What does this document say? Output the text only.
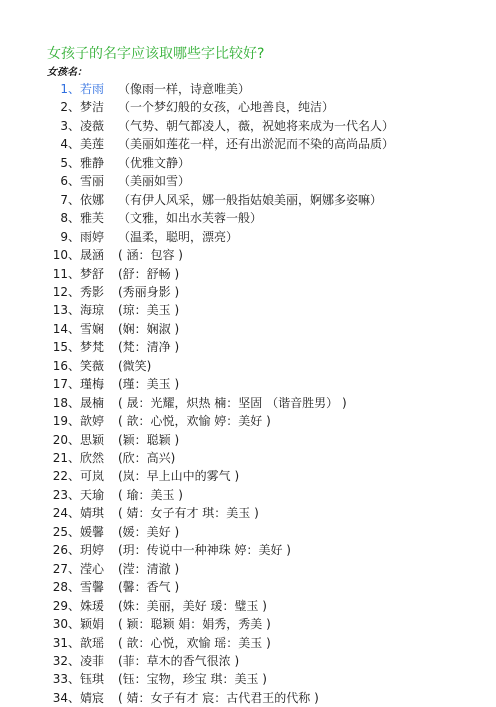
女孩子的名字应该取哪些字比较好?
女孩名：
1、 若雨 （像雨一样，诗意唯美）
2、 梦洁 （一个梦幻般的女孩，心地善良，纯洁）
3、 凌薇 （气势、朝气都凌人，薇，祝她将来成为一代名人）
4、 美莲 （美丽如莲花一样，还有出淤泥而不染的高尚品质）
5、 雅静 （优雅文静）
6、 雪丽 （美丽如雪）
7、 依娜 （有伊人风采，娜一般指姑娘美丽，婀娜多姿嘛）
8、 雅芙 （文雅，如出水芙蓉一般）
9、 雨婷 （温柔，聪明，漂亮）
10、 晟涵 ( 涵：包容 )
11、 梦舒 (舒：舒畅 )
12、 秀影 (秀丽身影 )
13、 海琼 (琼：美玉 )
14、 雪娴 (娴：娴淑 )
15、 梦梵 (梵：清净 )
16、 笑薇 (微笑)
17、 瑾梅 (瑾：美玉 )
18、 晟楠 ( 晟：光耀，炽热 楠：坚固 （谐音胜男） )
19、 歆婷 ( 歆：心悦，欢愉 婷：美好 )
20、 思颖 (颖：聪颖 )
21、 欣然 (欣：高兴)
22、 可岚 (岚：早上山中的雾气 )
23、 天瑜 ( 瑜：美玉 )
24、 婧琪 ( 婧：女子有才 琪：美玉 )
25、 媛馨 (媛：美好 )
26、 玥婷 (玥：传说中一种神珠 婷：美好 )
27、 滢心 (滢：清澈 )
28、 雪馨 (馨：香气 )
29、 姝瑗 (姝：美丽，美好 瑗：璧玉 )
30、 颖娟 ( 颖：聪颖 娟：娟秀，秀美 )
31、 歆瑶 ( 歆：心悦，欢愉 瑶：美玉 )
32、 凌菲 (菲：草木的香气很浓 )
33、 钰琪 (钰：宝物，珍宝 琪：美玉 )
34、 婧宸 ( 婧：女子有才 宸：古代君王的代称 )
